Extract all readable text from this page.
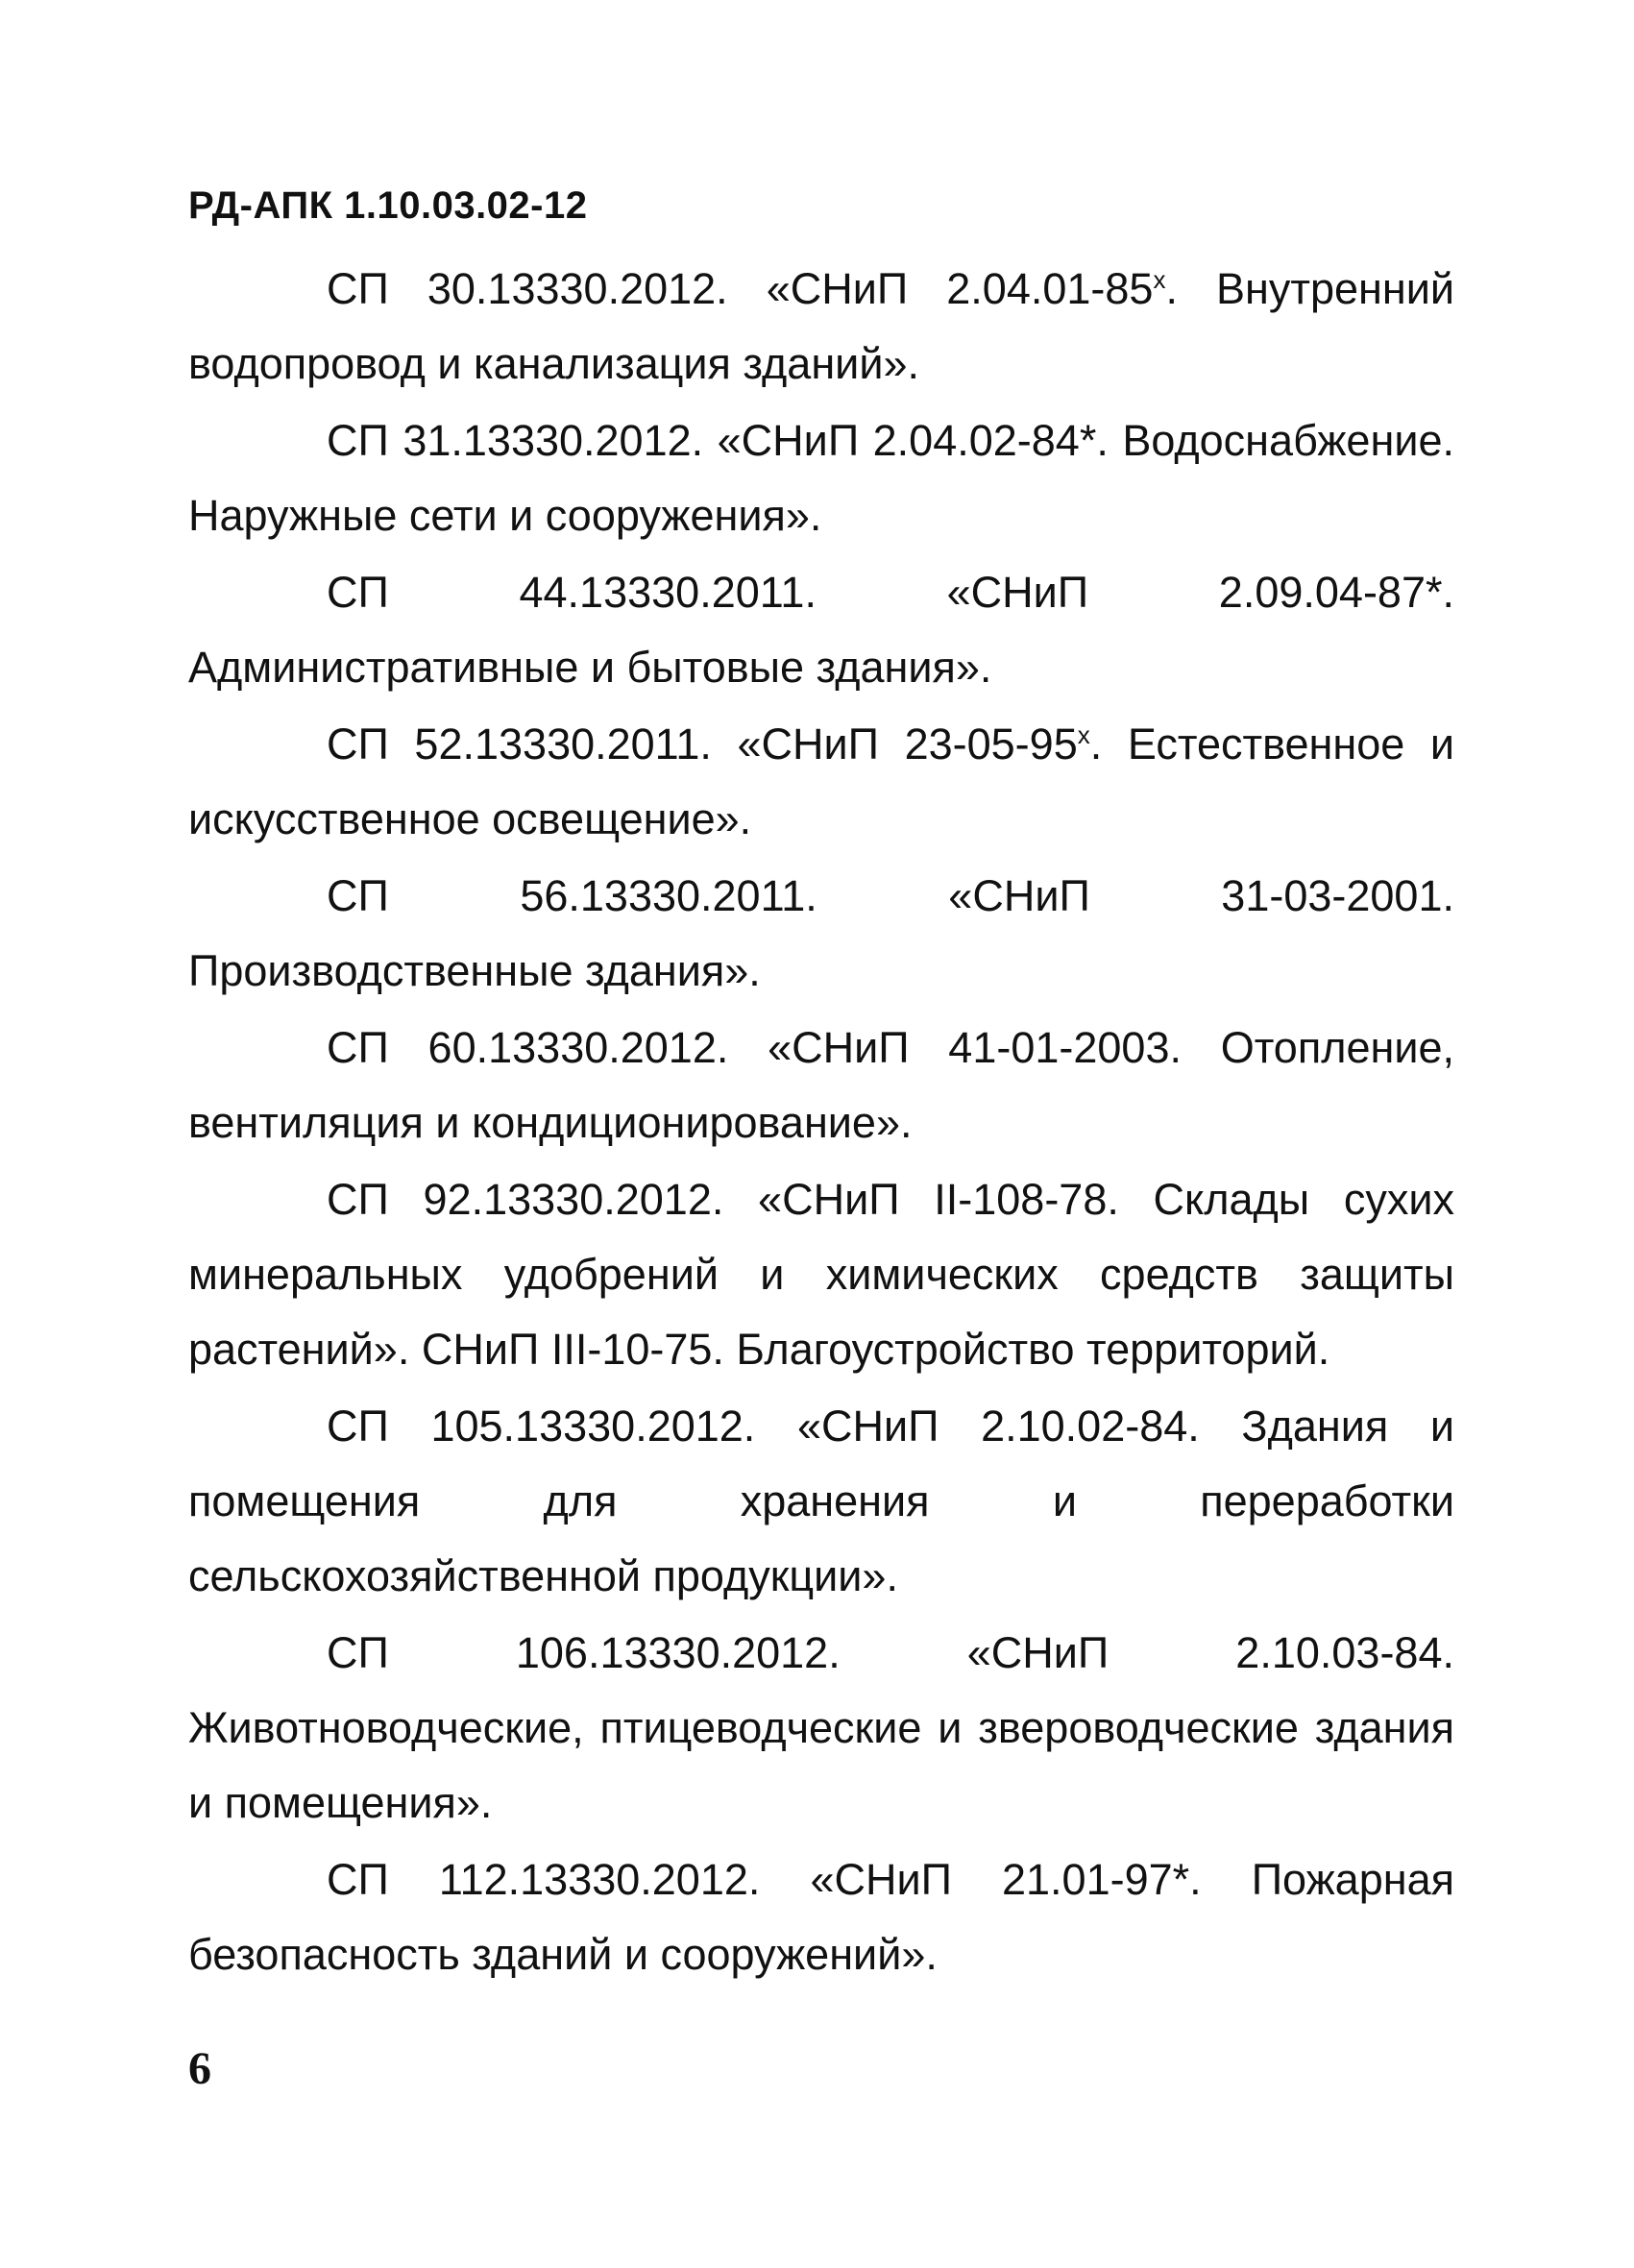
РД-АПК 1.10.03.02-12
СП 30.13330.2012. «СНиП $2.04.01-85^х$. Внутренний водопровод и канализация зданий».
СП 31.13330.2012. «СНиП 2.04.02-84*. Водоснабжение. Наружные сети и сооружения».
СП 44.13330.2011.	«СНиП 2.09.04-87*. Административные и бытовые здания».
СП 52.13330.2011. «СНиП $23-05-95^х$. Естественное и искусственное освещение».
СП 56.13330.2011.	«СНиП 31-03-2001. Производственные здания».
СП 60.13330.2012. «СНиП 41-01-2003. Отопление, вентиляция и кондиционирование».
СП 92.13330.2012. «СНиП II-108-78. Склады сухих минеральных удобрений и химических средств защиты растений». СНиП III-10-75. Благоустройство территорий.
СП 105.13330.2012. «СНиП 2.10.02-84. Здания и помещения для хранения и переработки сельскохозяйственной продукции».
СП 106.13330.2012.	«СНиП 2.10.03-84. Животноводческие, птицеводческие и звероводческие здания и помещения».
СП 112.13330.2012. «СНиП 21.01-97*. Пожарная безопасность зданий и сооружений».
6
